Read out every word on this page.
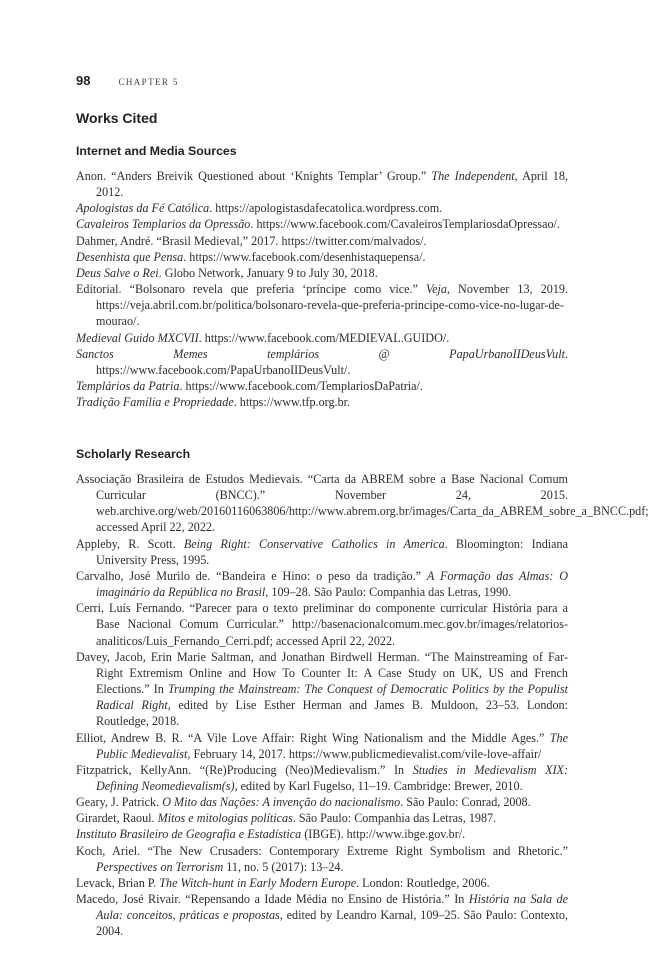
98	CHAPTER 5
Works Cited
Internet and Media Sources
Anon. “Anders Breivik Questioned about ‘Knights Templar’ Group.” The Independent, April 18, 2012.
Apologistas da Fé Católica. https://apologistasdafecatolica.wordpress.com.
Cavaleiros Templarios da Opressão. https://www.facebook.com/CavaleirosTemplariosdaOpressao/.
Dahmer, André. “Brasil Medieval,” 2017. https://twitter.com/malvados/.
Desenhista que Pensa. https://www.facebook.com/desenhistaquepensa/.
Deus Salve o Rei. Globo Network, January 9 to July 30, 2018.
Editorial. “Bolsonaro revela que preferia ‘príncipe como vice.” Veja, November 13, 2019. https://veja.abril.com.br/politica/bolsonaro-revela-que-preferia-principe-como-vice-no-lugar-de-mourao/.
Medieval Guido MXCVII. https://www.facebook.com/MEDIEVAL.GUIDO/.
Sanctos Memes templários @ PapaUrbanoIIDeusVult. https://www.facebook.com/PapaUrbanoIIDeusVult/.
Templários da Patria. https://www.facebook.com/TemplariosDaPatria/.
Tradição Família e Propriedade. https://www.tfp.org.br.
Scholarly Research
Associação Brasileira de Estudos Medievais. “Carta da ABREM sobre a Base Nacional Comum Curricular (BNCC).” November 24, 2015. web.archive.org/web/20160116063806/http://www.abrem.org.br/images/Carta_da_ABREM_sobre_a_BNCC.pdf; accessed April 22, 2022.
Appleby, R. Scott. Being Right: Conservative Catholics in America. Bloomington: Indiana University Press, 1995.
Carvalho, José Murilo de. “Bandeira e Hino: o peso da tradição.” A Formação das Almas: O imaginário da República no Brasil, 109–28. São Paulo: Companhia das Letras, 1990.
Cerri, Luís Fernando. “Parecer para o texto preliminar do componente curricular História para a Base Nacional Comum Curricular.” http://basenacionalcomum.mec.gov.br/images/relatorios-analiticos/Luis_Fernando_Cerri.pdf; accessed April 22, 2022.
Davey, Jacob, Erin Marie Saltman, and Jonathan Birdwell Herman. “The Mainstreaming of Far-Right Extremism Online and How To Counter It: A Case Study on UK, US and French Elections.” In Trumping the Mainstream: The Conquest of Democratic Politics by the Populist Radical Right, edited by Lise Esther Herman and James B. Muldoon, 23–53. London: Routledge, 2018.
Elliot, Andrew B. R. “A Vile Love Affair: Right Wing Nationalism and the Middle Ages.” The Public Medievalist, February 14, 2017. https://www.publicmedievalist.com/vile-love-affair/
Fitzpatrick, KellyAnn. “(Re)Producing (Neo)Medievalism.” In Studies in Medievalism XIX: Defining Neomedievalism(s), edited by Karl Fugelso, 11–19. Cambridge: Brewer, 2010.
Geary, J. Patrick. O Mito das Nações: A invenção do nacionalismo. São Paulo: Conrad, 2008.
Girardet, Raoul. Mitos e mitologias políticas. São Paulo: Companhia das Letras, 1987.
Instituto Brasileiro de Geografia e Estadística (IBGE). http://www.ibge.gov.br/.
Koch, Ariel. “The New Crusaders: Contemporary Extreme Right Symbolism and Rhetoric.” Perspectives on Terrorism 11, no. 5 (2017): 13–24.
Levack, Brian P. The Witch-hunt in Early Modern Europe. London: Routledge, 2006.
Macedo, José Rivair. “Repensando a Idade Média no Ensino de História.” In História na Sala de Aula: conceitos, práticas e propostas, edited by Leandro Karnal, 109–25. São Paulo: Contexto, 2004.
